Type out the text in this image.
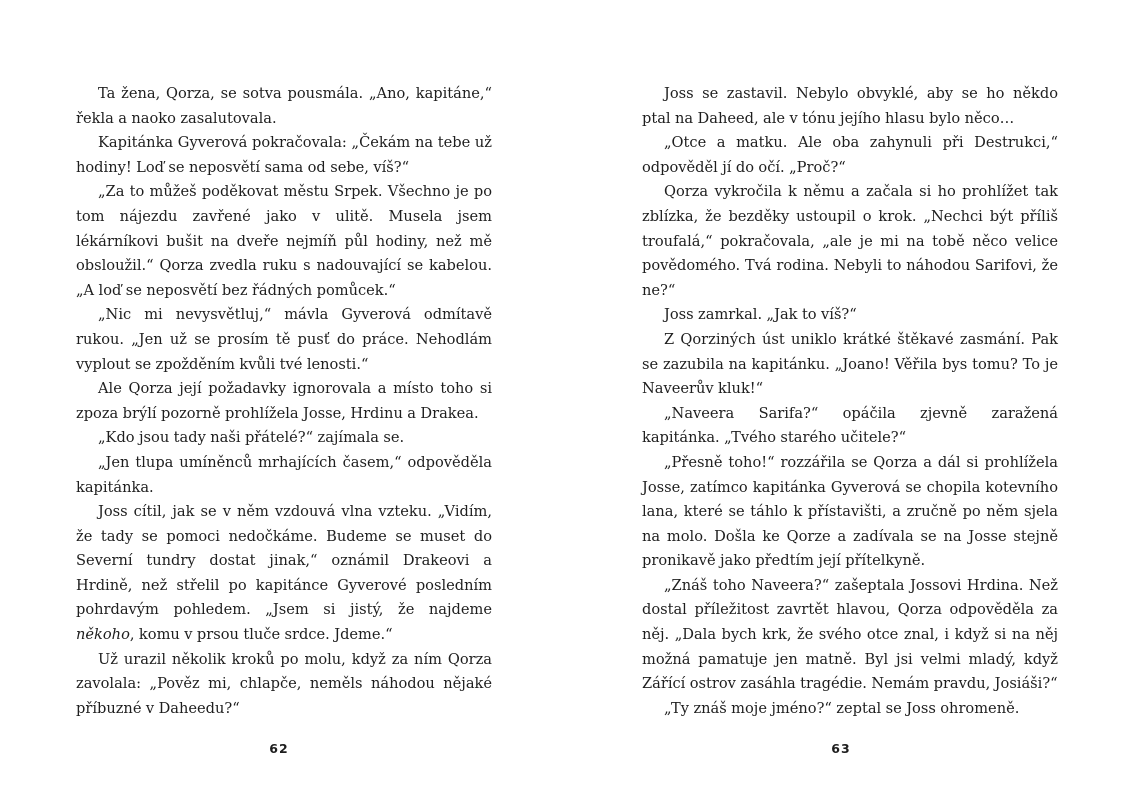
Ta žena, Qorza, se sotva pousmála. „Ano, kapitáne,“ řekla a naoko zasalutovala.

Kapitánka Gyverová pokračovala: „Čekám na tebe už hodiny! Loď se neposvětí sama od sebe, víš?“

„Za to můžeš poděkovat městu Srpek. Všechno je po tom nájezdu zavřené jako v ulitě. Musela jsem lékárníkovi bušit na dveře nejmíň půl hodiny, než mě obsloužil.“ Qorza zvedla ruku s nadouvající se kabelou. „A loď se neposvětí bez řádných pomůcek.“

„Nic mi nevysvětluj,“ mávla Gyverová odmítavě rukou. „Jen už se prosím tě pusť do práce. Nehodlám vyplout se zpožděním kvůli tvé lenosti.“

Ale Qorza její požadavky ignorovala a místo toho si zpoza brýlí pozorně prohlížela Josse, Hrdinu a Drakea.

„Kdo jsou tady naši přátelé?“ zajímala se.

„Jen tlupa umíněnců mrhajících časem,“ odpověděla kapitánka.

Joss cítil, jak se v něm vzdouvá vlna vzteku. „Vidím, že tady se pomoci nedočkáme. Budeme se muset do Severní tundry dostat jinak,“ oznámil Drakeovi a Hrdině, než střelil po kapitánce Gyverové posledním pohrdavým pohledem. „Jsem si jistý, že najdeme někoho, komu v prsou tluče srdce. Jdeme.“

Už urazil několik kroků po molu, když za ním Qorza zavolala: „Pověz mi, chlapče, neměls náhodou nějaké příbuzné v Daheedu?“

62

Joss se zastavil. Nebylo obvyklé, aby se ho někdo ptal na Daheed, ale v tónu jejího hlasu bylo něco…

„Otce a matku. Ale oba zahynuli při Destrukci,“ odpověděl jí do očí. „Proč?“

Qorza vykročila k němu a začala si ho prohlížet tak zblízka, že bezděky ustoupil o krok. „Nechci být příliš troufalá,“ pokračovala, „ale je mi na tobě něco velice povědomého. Tvá rodina. Nebyli to náhodou Sarifovi, že ne?“

Joss zamrkal. „Jak to víš?“

Z Qorziných úst uniklo krátké štěkavé zasmání. Pak se zazubila na kapitánku. „Joano! Věřila bys tomu? To je Naveerův kluk!“

„Naveera Sarifa?“ opáčila zjevně zaražená kapitánka. „Tvého starého učitele?“

„Přesně toho!“ rozzářila se Qorza a dál si prohlížela Josse, zatímco kapitánka Gyverová se chopila kotevního lana, které se táhlo k přístavišti, a zručně po něm sjela na molo. Došla ke Qorze a zadívala se na Josse stejně pronikavě jako předtím její přítelkyně.

„Znáš toho Naveera?“ zašeptala Jossovi Hrdina. Než dostal příležitost zavrtět hlavou, Qorza odpověděla za něj. „Dala bych krk, že svého otce znal, i když si na něj možná pamatuje jen matně. Byl jsi velmi mladý, když Zářící ostrov zasáhla tragédie. Nemám pravdu, Josiáši?“

„Ty znáš moje jméno?“ zeptal se Joss ohromeně.

63
